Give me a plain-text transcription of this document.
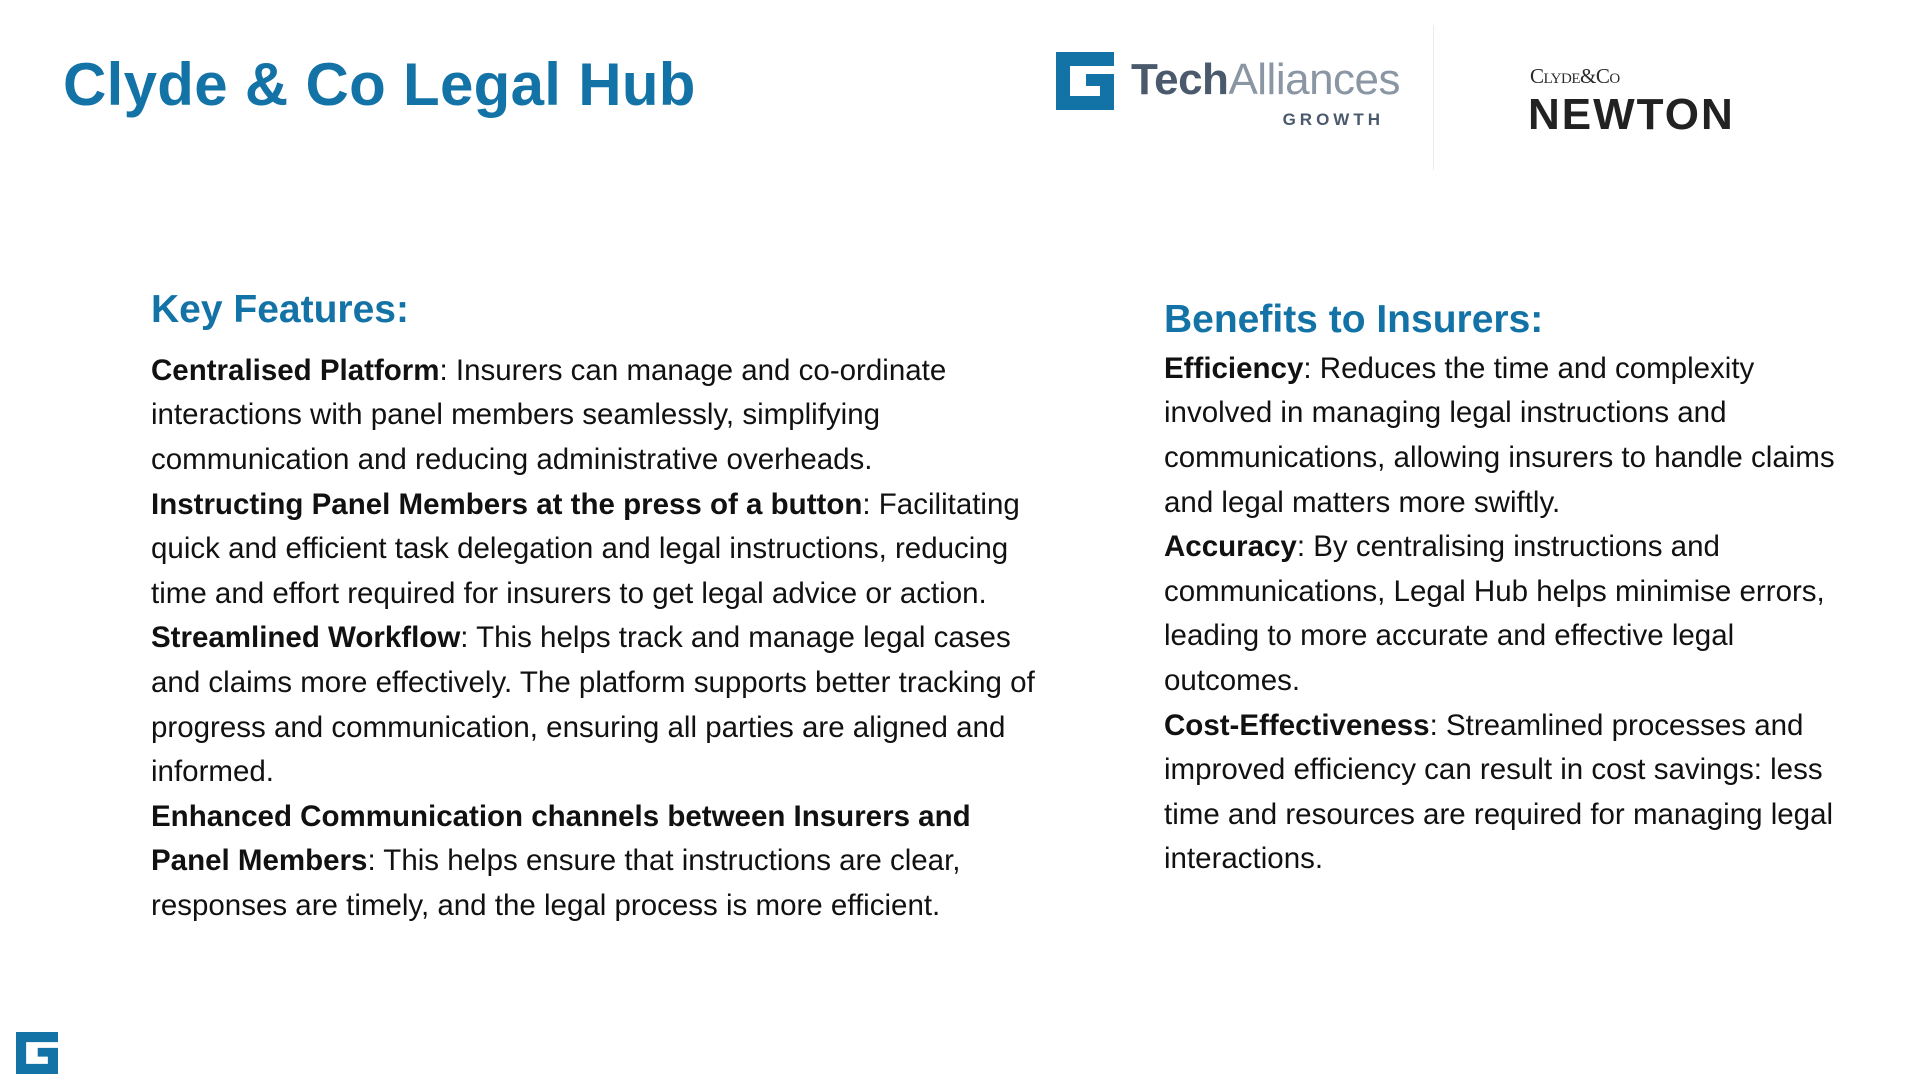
Clyde & Co Legal Hub	TechAlliances
GROWTH
Clyde&Co
NEWTON
Key Features:

Centralised Platform: Insurers can manage and co-ordinate interactions with panel members seamlessly, simplifying communication and reducing administrative overheads.
Instructing Panel Members at the press of a button: Facilitating quick and efficient task delegation and legal instructions, reducing time and effort required for insurers to get legal advice or action.
Streamlined Workflow: This helps track and manage legal cases and claims more effectively. The platform supports better tracking of progress and communication, ensuring all parties are aligned and informed.
Enhanced Communication channels between Insurers and Panel Members: This helps ensure that instructions are clear, responses are timely, and the legal process is more efficient.

Benefits to Insurers:

Efficiency: Reduces the time and complexity involved in managing legal instructions and communications, allowing insurers to handle claims and legal matters more swiftly.
Accuracy: By centralising instructions and communications, Legal Hub helps minimise errors, leading to more accurate and effective legal outcomes.
Cost-Effectiveness: Streamlined processes and improved efficiency can result in cost savings: less time and resources are required for managing legal interactions.
